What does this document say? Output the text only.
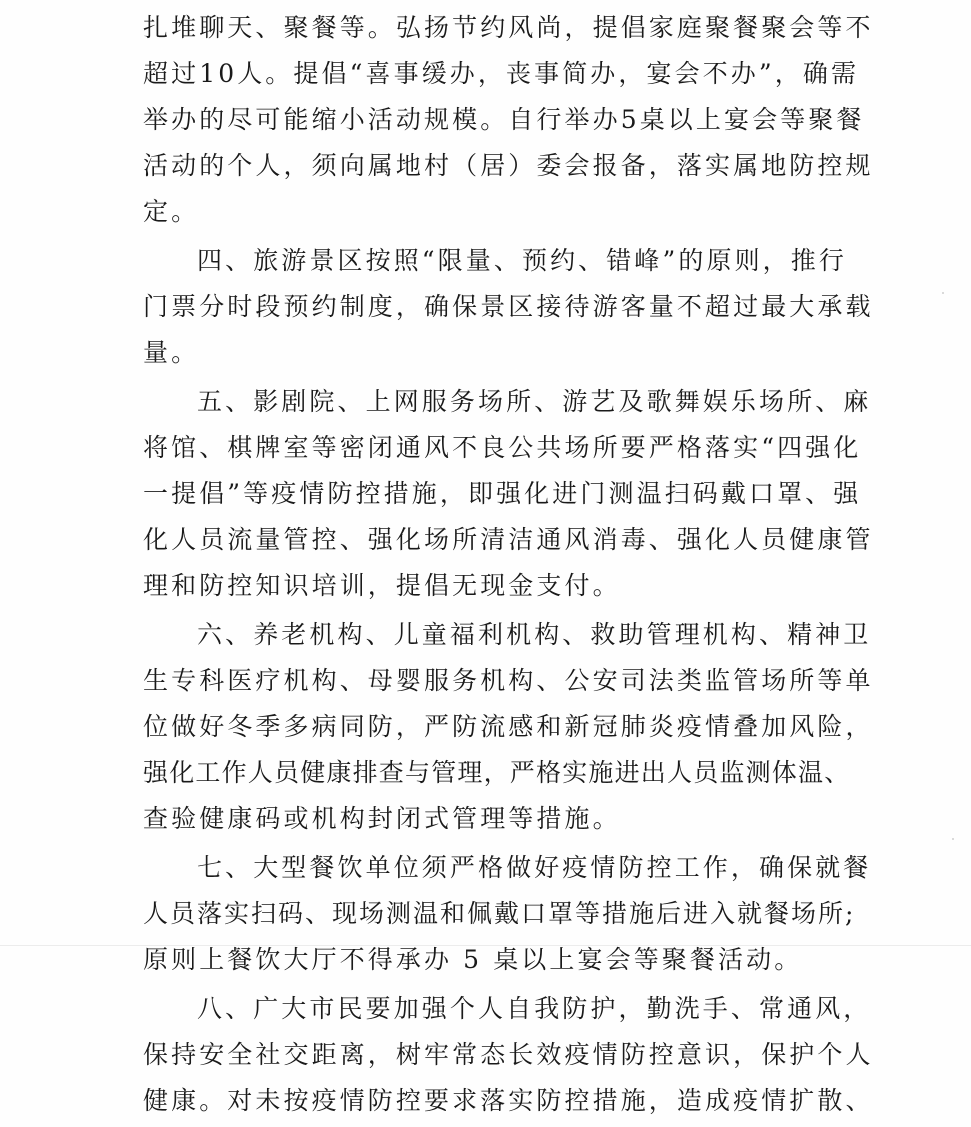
扎堆聊天、聚餐等。弘扬节约风尚，提倡家庭聚餐聚会等不

超过10人。提倡“喜事缓办，丧事简办，宴会不办”，确需

举办的尽可能缩小活动规模。自行举办5桌以上宴会等聚餐

活动的个人，须向属地村（居）委会报备，落实属地防控规

定。

四、旅游景区按照“限量、预约、错峰”的原则，推行

门票分时段预约制度，确保景区接待游客量不超过最大承载

量。

五、影剧院、上网服务场所、游艺及歌舞娱乐场所、麻

将馆、棋牌室等密闭通风不良公共场所要严格落实“四强化

一提倡”等疫情防控措施，即强化进门测温扫码戴口罩、强

化人员流量管控、强化场所清洁通风消毒、强化人员健康管

理和防控知识培训，提倡无现金支付。

六、养老机构、儿童福利机构、救助管理机构、精神卫

生专科医疗机构、母婴服务机构、公安司法类监管场所等单

位做好冬季多病同防，严防流感和新冠肺炎疫情叠加风险，

强化工作人员健康排查与管理，严格实施进出人员监测体温、

查验健康码或机构封闭式管理等措施。

七、大型餐饮单位须严格做好疫情防控工作，确保就餐

人员落实扫码、现场测温和佩戴口罩等措施后进入就餐场所;

原则上餐饮大厅不得承办 5 桌以上宴会等聚餐活动。

八、广大市民要加强个人自我防护，勤洗手、常通风，

保持安全社交距离，树牢常态长效疫情防控意识，保护个人

健康。对未按疫情防控要求落实防控措施，造成疫情扩散、
